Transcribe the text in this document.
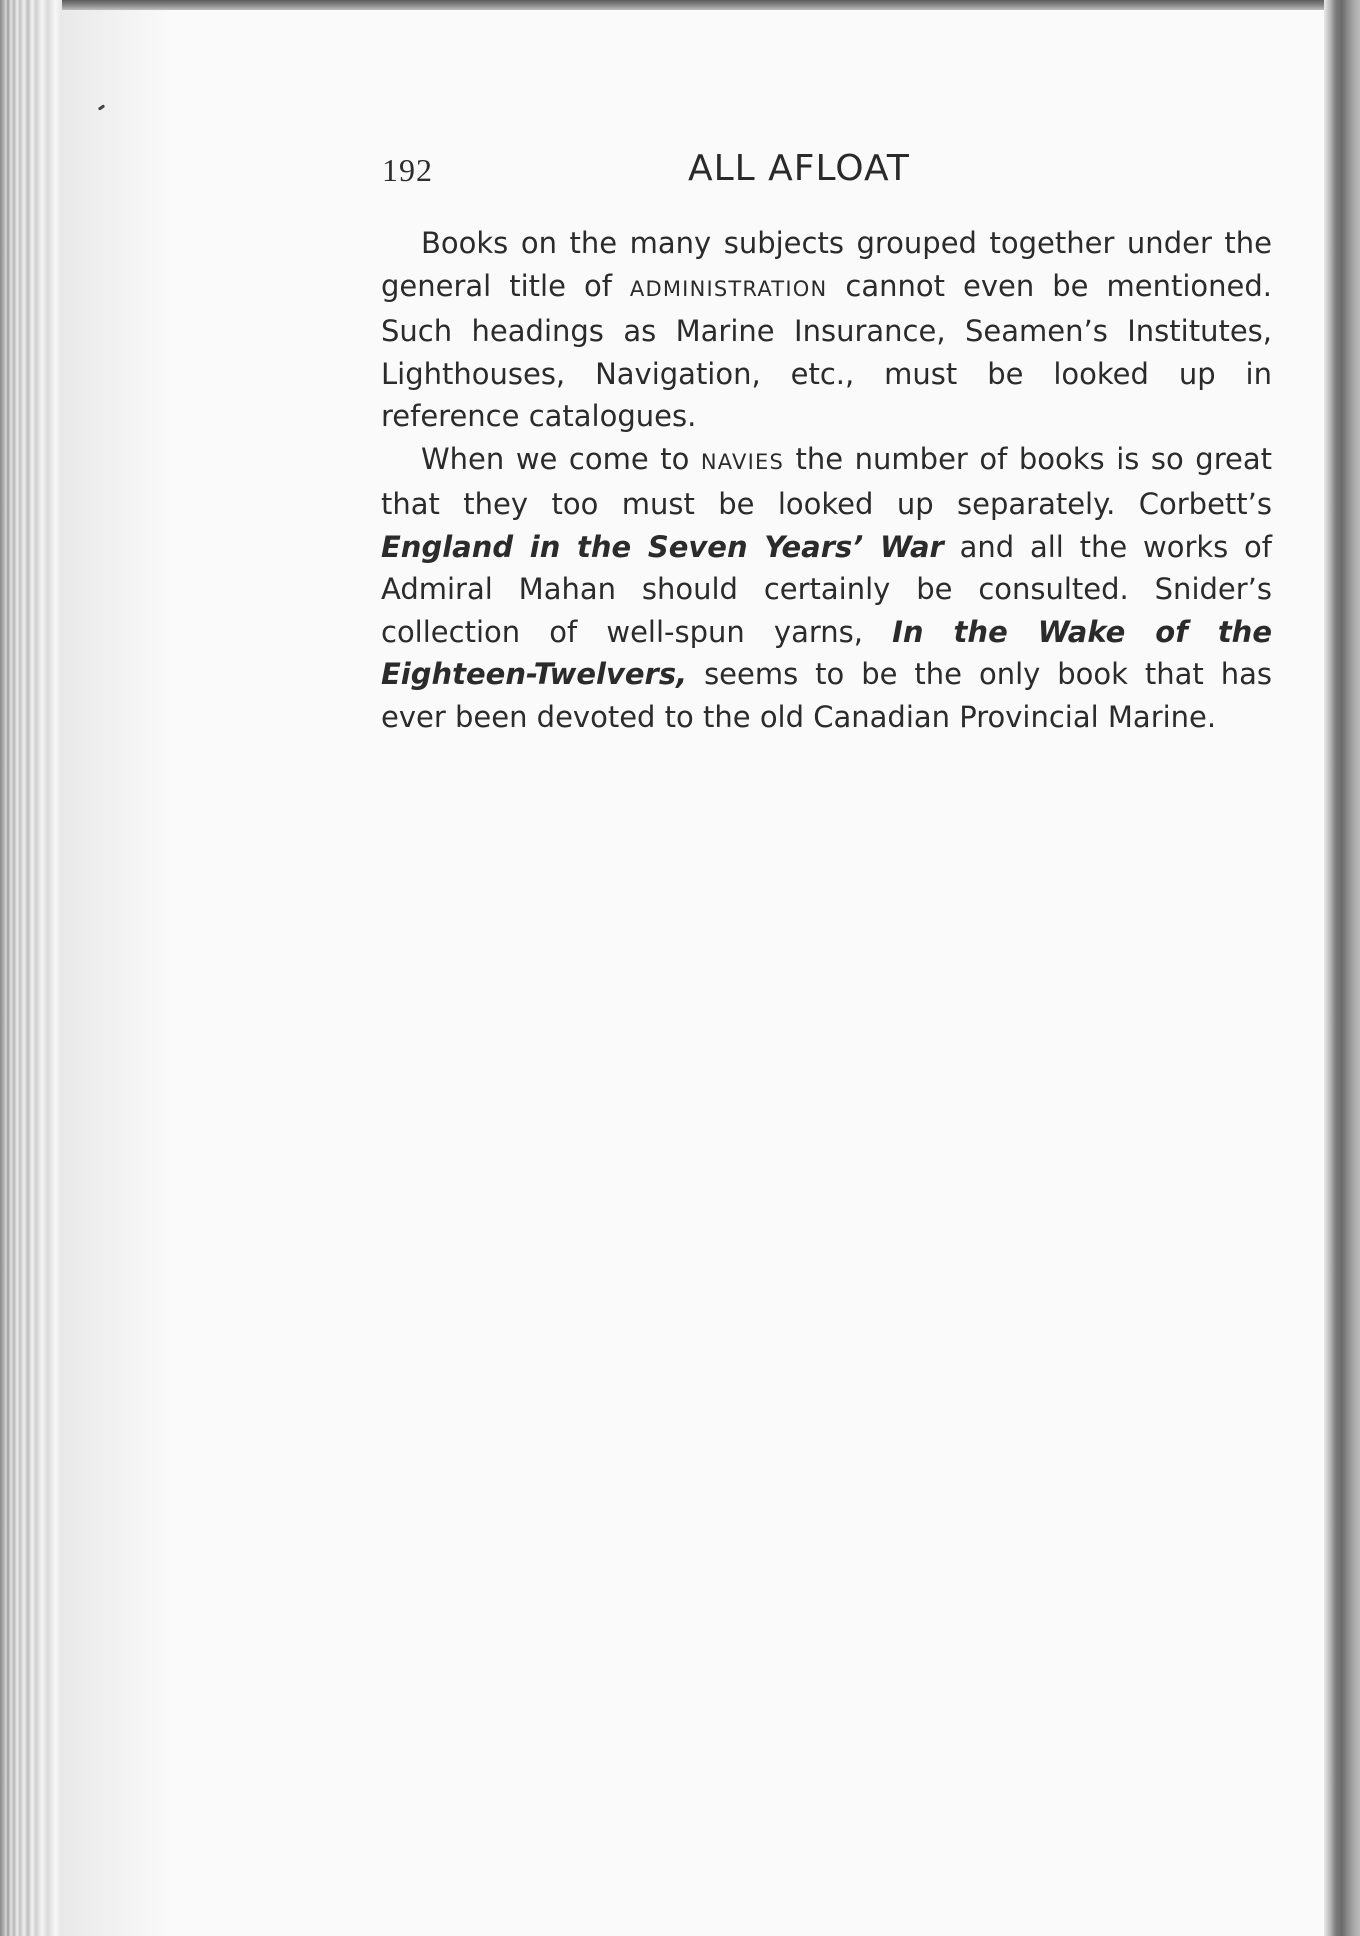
192	ALL AFLOAT

Books on the many subjects grouped together under the general title of ADMINISTRATION cannot even be mentioned. Such headings as Marine Insurance, Seamen’s Institutes, Lighthouses, Navigation, etc., must be looked up in reference catalogues.

When we come to NAVIES the number of books is so great that they too must be looked up separately. Corbett’s England in the Seven Years’ War and all the works of Admiral Mahan should certainly be consulted. Snider’s collection of well-spun yarns, In the Wake of the Eighteen-Twelvers, seems to be the only book that has ever been devoted to the old Canadian Provincial Marine.
